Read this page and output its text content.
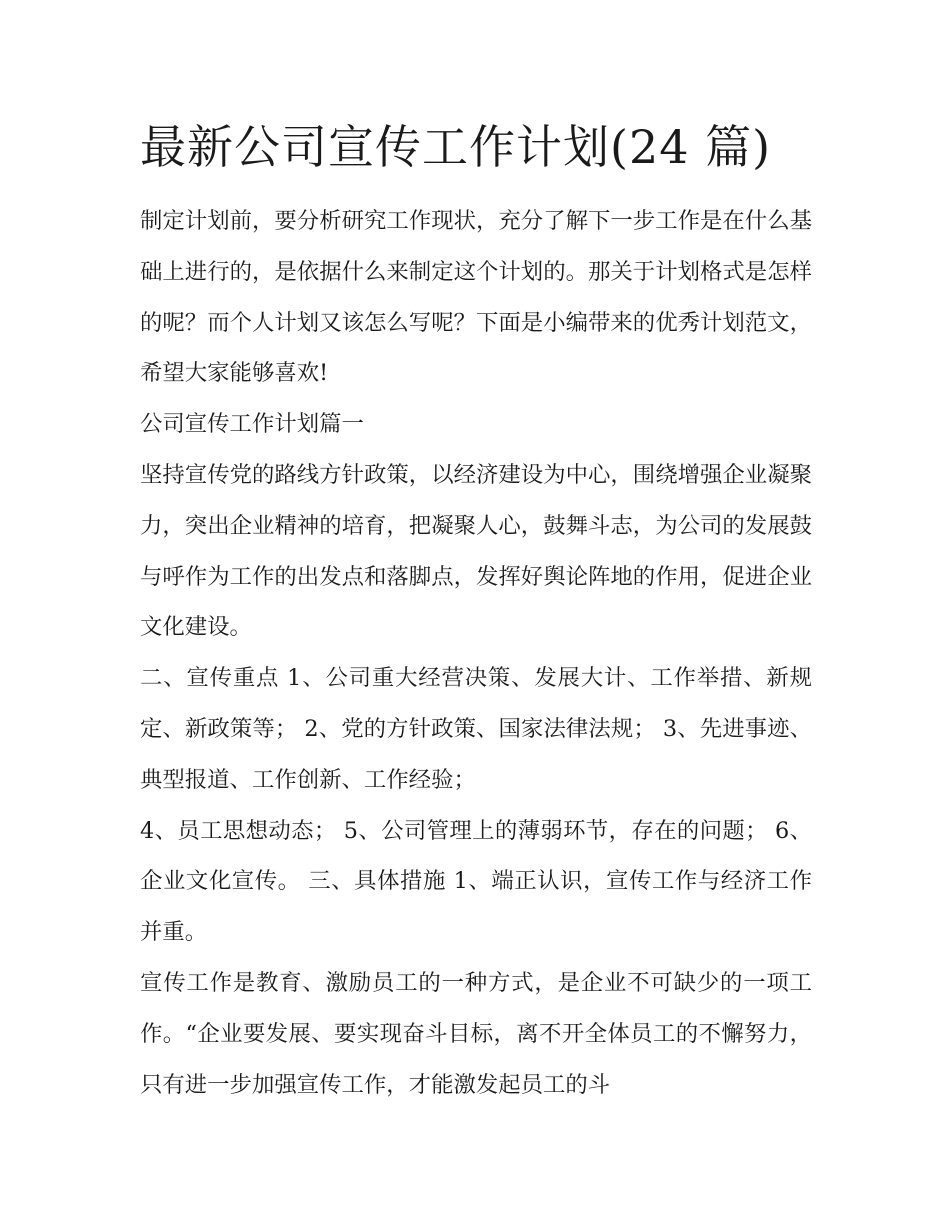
最新公司宣传工作计划(24 篇)

制定计划前，要分析研究工作现状，充分了解下一步工作是在什么基础上进行的，是依据什么来制定这个计划的。那关于计划格式是怎样的呢？而个人计划又该怎么写呢？下面是小编带来的优秀计划范文，希望大家能够喜欢!

公司宣传工作计划篇一

坚持宣传党的路线方针政策，以经济建设为中心，围绕增强企业凝聚力，突出企业精神的培育，把凝聚人心，鼓舞斗志，为公司的发展鼓与呼作为工作的出发点和落脚点，发挥好舆论阵地的作用，促进企业文化建设。

二、宣传重点 1、公司重大经营决策、发展大计、工作举措、新规定、新政策等； 2、党的方针政策、国家法律法规； 3、先进事迹、典型报道、工作创新、工作经验；

4、员工思想动态； 5、公司管理上的薄弱环节，存在的问题； 6、企业文化宣传。 三、具体措施 1、端正认识，宣传工作与经济工作并重。

宣传工作是教育、激励员工的一种方式，是企业不可缺少的一项工作。“企业要发展、要实现奋斗目标，离不开全体员工的不懈努力，只有进一步加强宣传工作，才能激发起员工的斗
